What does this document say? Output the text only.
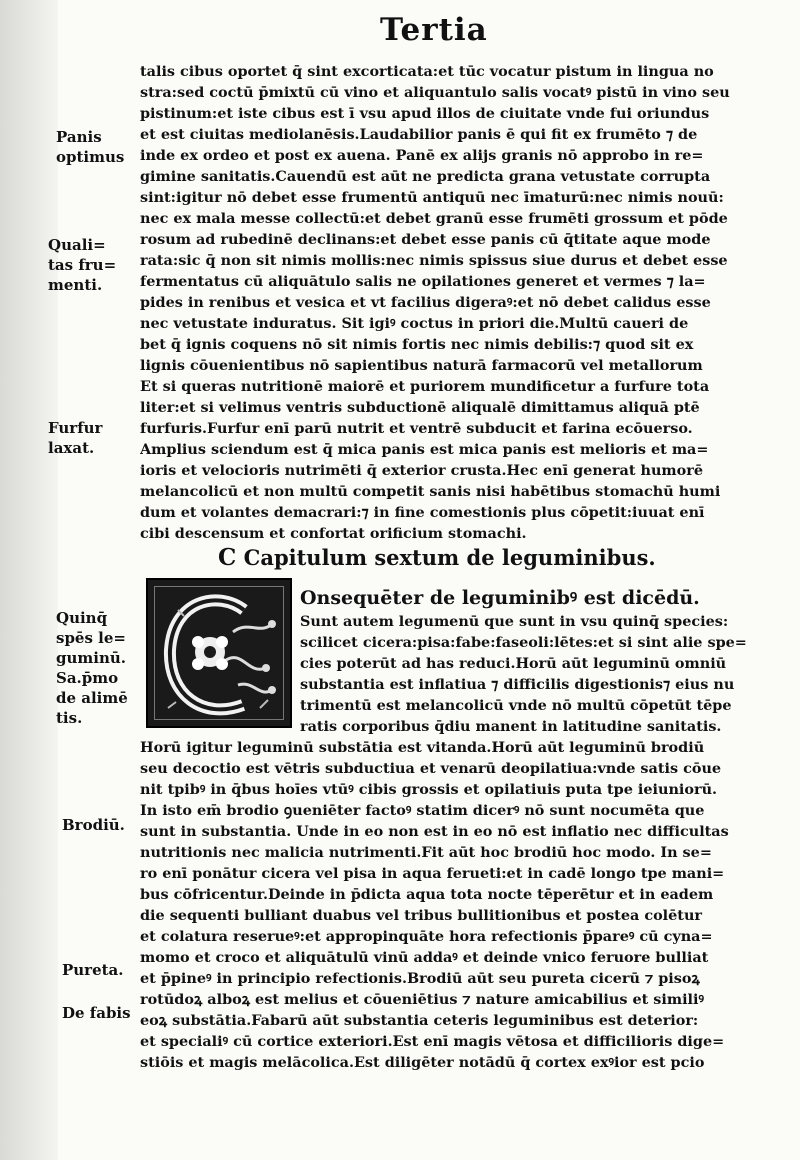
Tertia
talis cibus oportet q̄ sint excorticata:et tūc vocatur pistum in lingua no
stra:sed coctū p̄mixtū cū vino et aliquantulo salis vocatꝰ pistū in vino seu
pistinum:et iste cibus est ī vsu apud illos de ciuitate vnde fui oriundus
et est ciuitas mediolanēsis.Laudabilior panis ē qui fit ex frumēto ⁊ de
inde ex ordeo et post ex auena. Panē ex alijs granis nō approbo in re=
gimine sanitatis.Cauendū est aūt ne predicta grana vetustate corrupta
sint:igitur nō debet esse frumentū antiquū nec īmaturū:nec nimis nouū:
nec ex mala messe collectū:et debet granū esse frumēti grossum et pōde
rosum ad rubedinē declinans:et debet esse panis cū q̄titate aque mode
rata:sic q̄ non sit nimis mollis:nec nimis spissus siue durus et debet esse
fermentatus cū aliquātulo salis ne opilationes generet et vermes ⁊ la=
pides in renibus et vesica et vt facilius digeraꝰ:et nō debet calidus esse
nec vetustate induratus. Sit igiꝰ coctus in priori die.Multū caueri de
bet q̄ ignis coquens nō sit nimis fortis nec nimis debilis:⁊ quod sit ex
lignis cōuenientibus nō sapientibus naturā farmacorū vel metallorum
Et si queras nutritionē maiorē et puriorem mundificetur a furfure tota
liter:et si velimus ventris subductionē aliqualē dimittamus aliquā ptē
furfuris.Furfur enī parū nutrit et ventrē subducit et farina ecōuerso.
Amplius sciendum est q̄ mica panis est mica panis est melioris et ma=
ioris et velocioris nutrimēti q̄ exterior crusta.Hec enī generat humorē
melancolicū et non multū competit sanis nisi habētibus stomachū humi
dum et volantes demacrari:⁊ in fine comestionis plus cōpetit:iuuat enī
cibi descensum et confortat orificium stomachi.
C Capitulum sextum de leguminibus.
Onsequēter de leguminibꝰ est dicēdū.
Sunt autem legumenū que sunt in vsu quinq̄ species:
scilicet cicera:pisa:fabe:faseoli:lētes:et si sint alie spe=
cies poterūt ad has reduci.Horū aūt leguminū omniū
substantia est inflatiua ⁊ difficilis digestionis⁊ eius nu
trimentū est melancolicū vnde nō multū cōpetūt tēpe
ratis corporibus q̄diu manent in latitudine sanitatis.
Horū igitur leguminū substātia est vitanda.Horū aūt leguminū brodiū
seu decoctio est vētris subductiua et venarū deopilatiua:vnde satis cōue
nit tpibꝰ in q̄bus hoīes vtūꝰ cibis grossis et opilatiuis puta tpe ieiuniorū.
In isto em̄ brodio ꝯueniēter factoꝰ statim dicerꝰ nō sunt nocumēta que
sunt in substantia. Unde in eo non est in eo nō est inflatio nec difficultas
nutritionis nec malicia nutrimenti.Fit aūt hoc brodiū hoc modo. In se=
ro enī ponātur cicera vel pisa in aqua ferueti:et in cadē longo tpe mani=
bus cōfricentur.Deinde in p̄dicta aqua tota nocte tēperētur et in eadem
die sequenti bulliant duabus vel tribus bullitionibus et postea colētur
et colatura reserueꝰ:et appropinquāte hora refectionis p̄pareꝰ cū cyna=
momo et croco et aliquātulū vinū addaꝰ et deinde vnico feruore bulliat
et p̄pineꝰ in principio refectionis.Brodiū aūt seu pureta cicerū ⁊ pisoꝝ
rotūdoꝝ alboꝝ est melius et cōueniētius ⁊ nature amicabilius et similiꝰ
eoꝝ substātia.Fabarū aūt substantia ceteris leguminibus est deterior:
et specialiꝰ cū cortice exteriori.Est enī magis vētosa et difficilioris dige=
stiōis et magis melācolica.Est diligēter notādū q̄ cortex exꝰior est pcio
Panis
optimus
Quali=
tas fru=
menti.
Furfur
laxat.
Quinq̄
spēs le=
guminū.
Sa.p̄mo
de alimē
tis.
Brodiū.
Pureta.
De fabis
